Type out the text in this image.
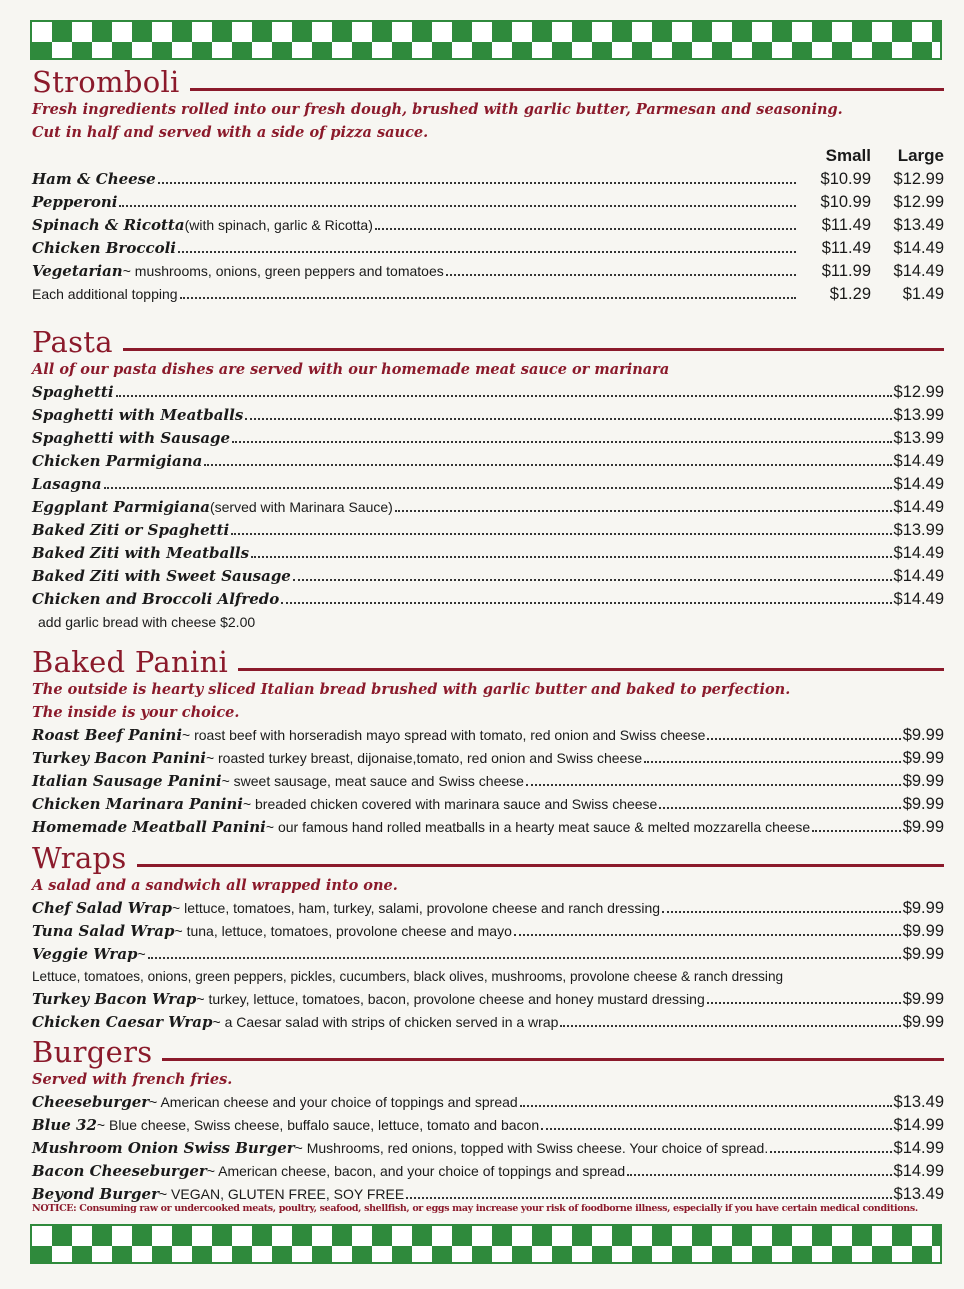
Stromboli
Fresh ingredients rolled into our fresh dough, brushed with garlic butter, Parmesan and seasoning.
Cut in half and served with a side of pizza sauce.
Small	Large
Ham & Cheese	$10.99	$12.99
Pepperoni	$10.99	$12.99
Spinach & Ricotta (with spinach, garlic & Ricotta)	$11.49	$13.49
Chicken Broccoli	$11.49	$14.49
Vegetarian ~ mushrooms, onions, green peppers and tomatoes	$11.99	$14.49
Each additional topping	$1.29	$1.49
Pasta
All of our pasta dishes are served with our homemade meat sauce or marinara
Spaghetti	$12.99
Spaghetti with Meatballs	$13.99
Spaghetti with Sausage	$13.99
Chicken Parmigiana	$14.49
Lasagna	$14.49
Eggplant Parmigiana (served with Marinara Sauce)	$14.49
Baked Ziti or Spaghetti	$13.99
Baked Ziti with Meatballs	$14.49
Baked Ziti with Sweet Sausage	$14.49
Chicken and Broccoli Alfredo	$14.49
add garlic bread with cheese $2.00
Baked Panini
The outside is hearty sliced Italian bread brushed with garlic butter and baked to perfection.
The inside is your choice.
Roast Beef Panini ~ roast beef with horseradish mayo spread with tomato, red onion and Swiss cheese	$9.99
Turkey Bacon Panini ~ roasted turkey breast, dijonaise,tomato, red onion and Swiss cheese	$9.99
Italian Sausage Panini ~ sweet sausage, meat sauce and Swiss cheese	$9.99
Chicken Marinara Panini ~ breaded chicken covered with marinara sauce and Swiss cheese	$9.99
Homemade Meatball Panini ~ our famous hand rolled meatballs in a hearty meat sauce & melted mozzarella cheese	$9.99
Wraps
A salad and a sandwich all wrapped into one.
Chef Salad Wrap ~ lettuce, tomatoes, ham, turkey, salami, provolone cheese and ranch dressing	$9.99
Tuna Salad Wrap ~ tuna, lettuce, tomatoes, provolone cheese and mayo	$9.99
Veggie Wrap ~	$9.99
Lettuce, tomatoes, onions, green peppers, pickles, cucumbers, black olives, mushrooms, provolone cheese & ranch dressing
Turkey Bacon Wrap ~ turkey, lettuce, tomatoes, bacon, provolone cheese and honey mustard dressing	$9.99
Chicken Caesar Wrap ~ a Caesar salad with strips of chicken served in a wrap	$9.99
Burgers
Served with french fries.
Cheeseburger ~ American cheese and your choice of toppings and spread	$13.49
Blue 32 ~ Blue cheese, Swiss cheese, buffalo sauce, lettuce, tomato and bacon	$14.99
Mushroom Onion Swiss Burger ~ Mushrooms, red onions, topped with Swiss cheese. Your choice of spread.	$14.99
Bacon Cheeseburger ~ American cheese, bacon, and your choice of toppings and spread	$14.99
Beyond Burger ~ VEGAN, GLUTEN FREE, SOY FREE	$13.49
NOTICE: Consuming raw or undercooked meats, poultry, seafood, shellfish, or eggs may increase your risk of foodborne illness, especially if you have certain medical conditions.
